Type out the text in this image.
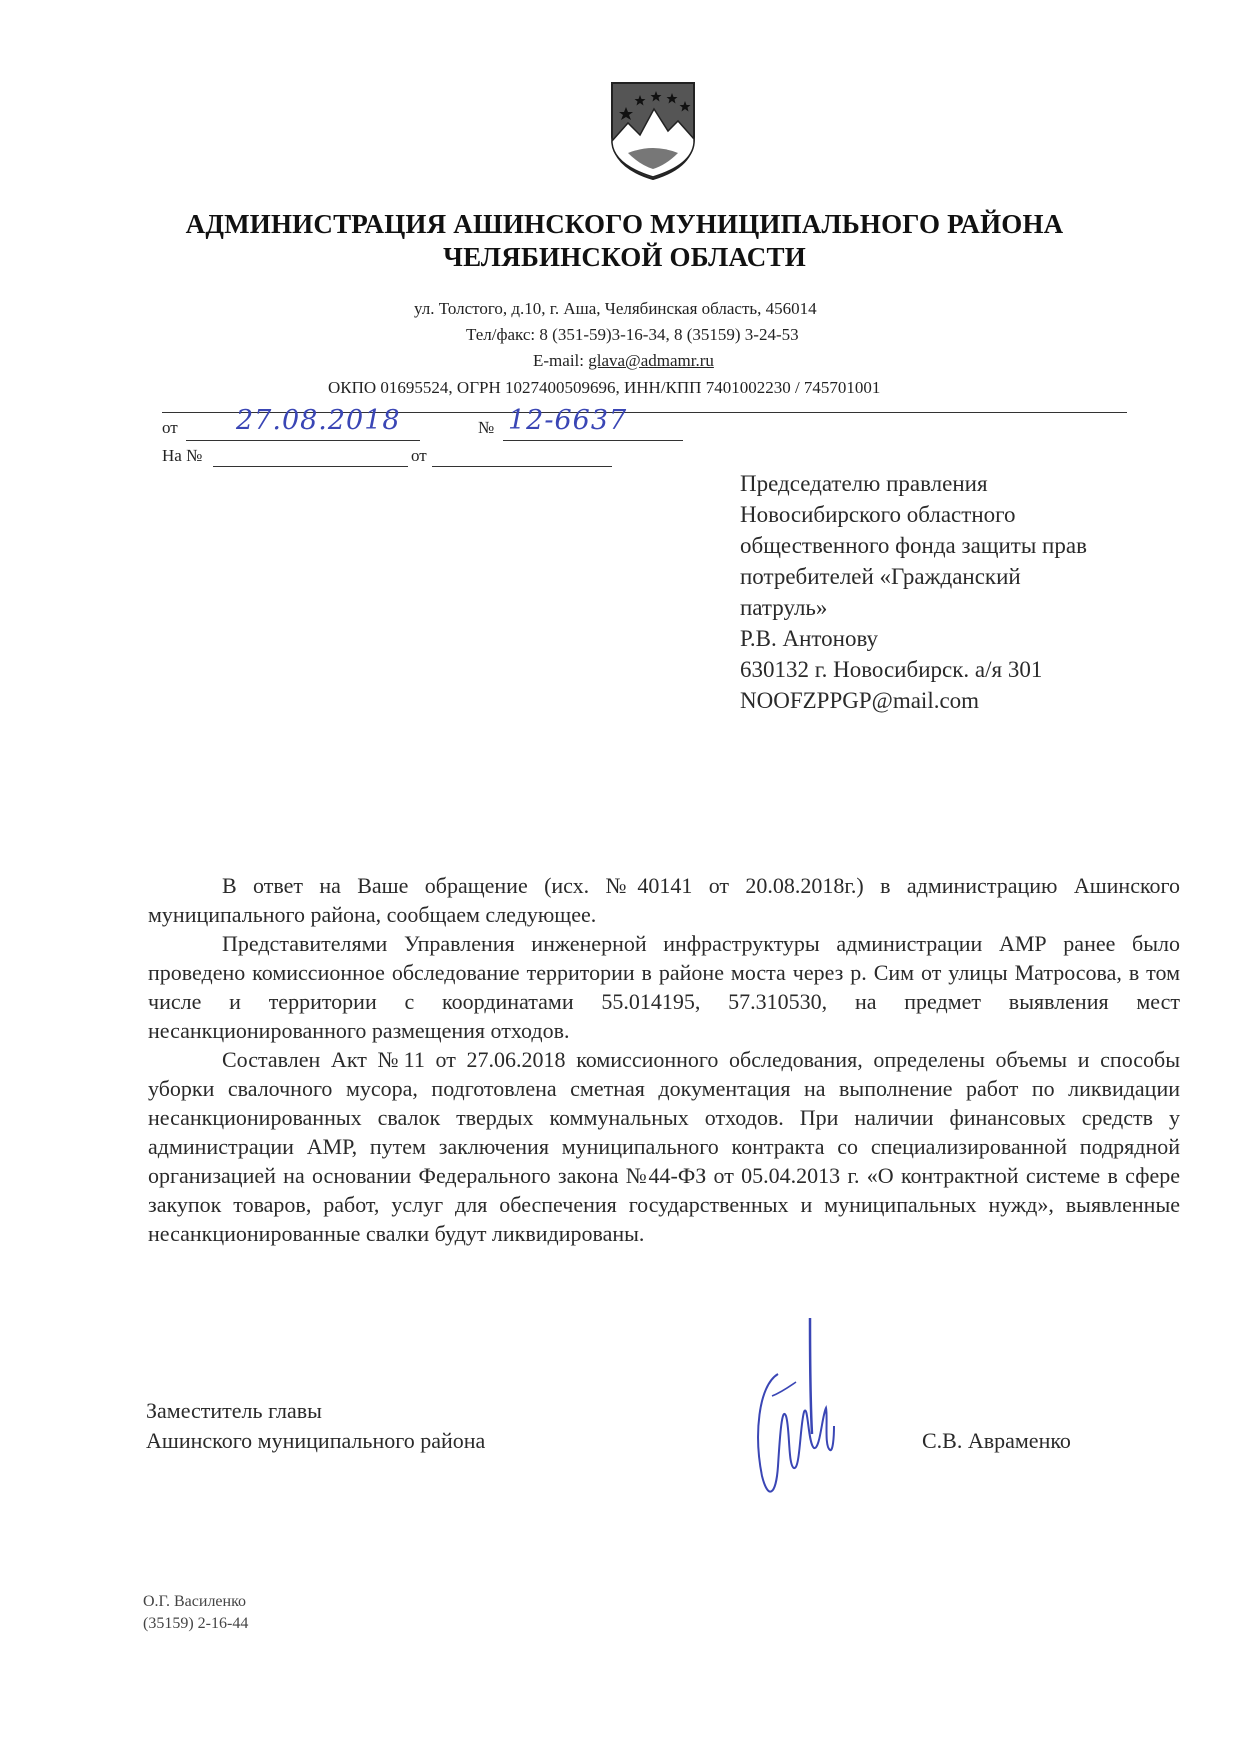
АДМИНИСТРАЦИЯ АШИНСКОГО МУНИЦИПАЛЬНОГО РАЙОНА
ЧЕЛЯБИНСКОЙ ОБЛАСТИ
ул. Толстого, д.10, г. Аша, Челябинская область, 456014
Тел/факс: 8 (351-59)3-16-34, 8 (35159) 3-24-53
E-mail: glava@admamr.ru
ОКПО 01695524, ОГРН 1027400509696, ИНН/КПП 7401002230 / 745701001
от 27.08.2018	№ 12-6637
На №	от
Председателю правления
Новосибирского областного
общественного фонда защиты прав
потребителей «Гражданский
патруль»
Р.В. Антонову
630132 г. Новосибирск. а/я 301
NOOFZPPGP@mail.com

В ответ на Ваше обращение (исх. №40141 от 20.08.2018г.) в администрацию Ашинского муниципального района, сообщаем следующее.

Представителями Управления инженерной инфраструктуры администрации АМР ранее было проведено комиссионное обследование территории в районе моста через р. Сим от улицы Матросова, в том числе и территории с координатами 55.014195, 57.310530, на предмет выявления мест несанкционированного размещения отходов.

Составлен Акт №11 от 27.06.2018 комиссионного обследования, определены объемы и способы уборки свалочного мусора, подготовлена сметная документация на выполнение работ по ликвидации несанкционированных свалок твердых коммунальных отходов. При наличии финансовых средств у администрации АМР, путем заключения муниципального контракта со специализированной подрядной организацией на основании Федерального закона №44-ФЗ от 05.04.2013 г. «О контрактной системе в сфере закупок товаров, работ, услуг для обеспечения государственных и муниципальных нужд», выявленные несанкционированные свалки будут ликвидированы.

Заместитель главы
Ашинского муниципального района	С.В. Авраменко
О.Г. Василенко
(35159) 2-16-44
